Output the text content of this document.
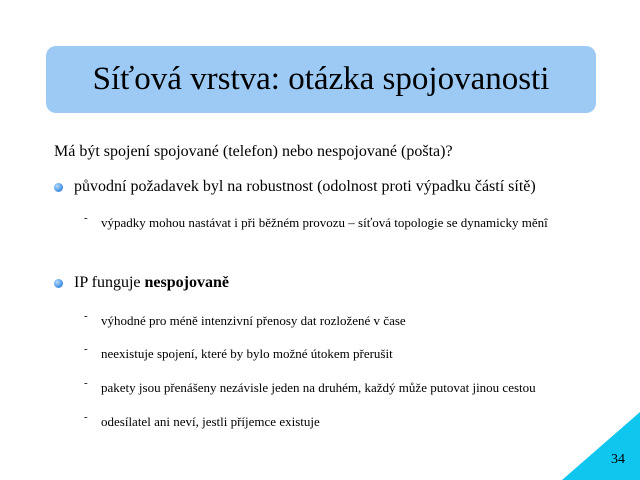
Síťová vrstva: otázka spojovanosti
Má být spojení spojované (telefon) nebo nespojované (pošta)?
původní požadavek byl na robustnost (odolnost proti výpadku částí sítě)
-	výpadky mohou nastávat i při běžném provozu – síťová topologie se dynamicky měnî
IP funguje nespojovaně
-	výhodné pro méně intenzivní přenosy dat rozložené v čase
-	neexistuje spojení, které by bylo možné útokem přerušit
-	pakety jsou přenášeny nezávisle jeden na druhém, každý může putovat jinou cestou
-	odesílatel ani neví, jestli příjemce existuje
34
